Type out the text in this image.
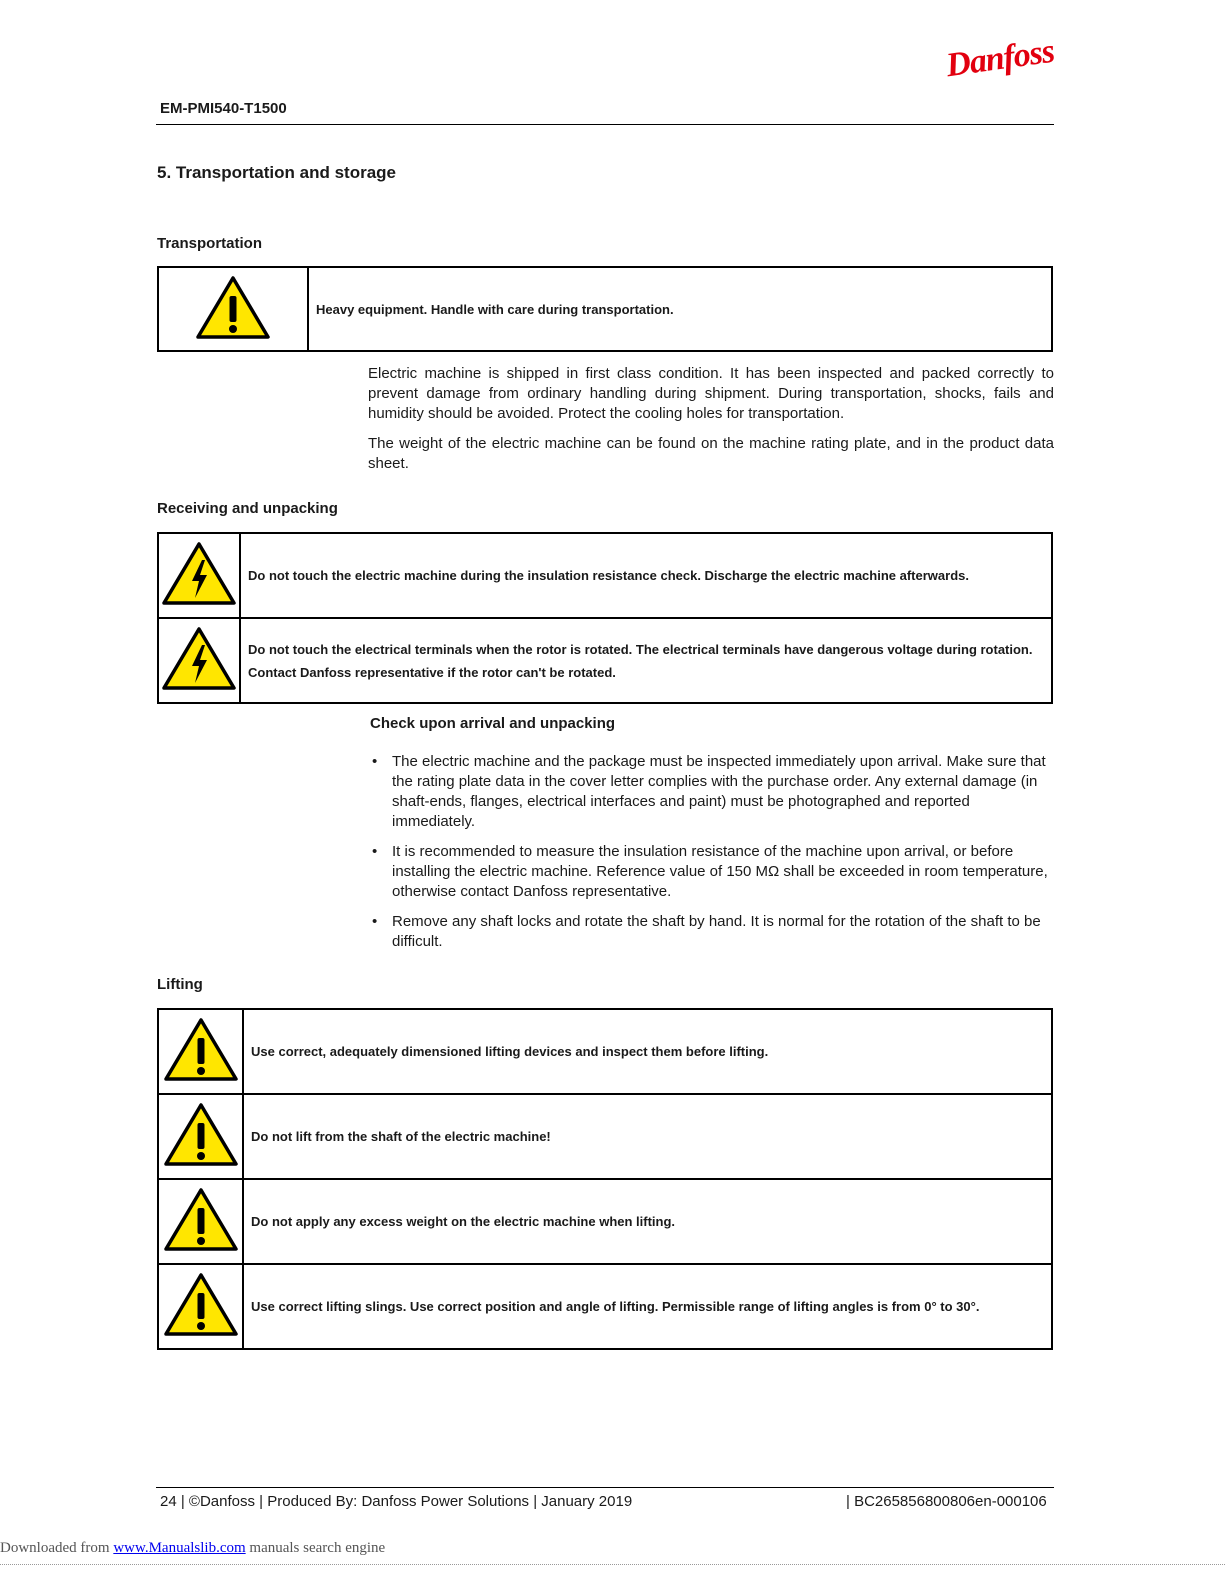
Danfoss
EM-PMI540-T1500
5. Transportation and storage
Transportation
	Heavy equipment. Handle with care during transportation.

Electric machine is shipped in first class condition. It has been inspected and packed correctly to prevent damage from ordinary handling during shipment. During transportation, shocks, fails and humidity should be avoided. Protect the cooling holes for transportation.

The weight of the electric machine can be found on the machine rating plate, and in the product data sheet.

Receiving and unpacking
	Do not touch the electric machine during the insulation resistance check. Discharge the electric machine afterwards.
	Do not touch the electrical terminals when the rotor is rotated. The electrical terminals have dangerous voltage during rotation. Contact Danfoss representative if the rotor can't be rotated.
Check upon arrival and unpacking
• The electric machine and the package must be inspected immediately upon arrival. Make sure that the rating plate data in the cover letter complies with the purchase order. Any external damage (in shaft-ends, flanges, electrical interfaces and paint) must be photographed and reported immediately.
• It is recommended to measure the insulation resistance of the machine upon arrival, or before installing the electric machine. Reference value of 150 MΩ shall be exceeded in room temperature, otherwise contact Danfoss representative.
• Remove any shaft locks and rotate the shaft by hand. It is normal for the rotation of the shaft to be difficult.
Lifting
	Use correct, adequately dimensioned lifting devices and inspect them before lifting.
	Do not lift from the shaft of the electric machine!
	Do not apply any excess weight on the electric machine when lifting.
	Use correct lifting slings. Use correct position and angle of lifting. Permissible range of lifting angles is from 0° to 30°.
24 | ©Danfoss | Produced By: Danfoss Power Solutions | January 2019	| BC265856800806en-000106
Downloaded from www.Manualslib.com manuals search engine
